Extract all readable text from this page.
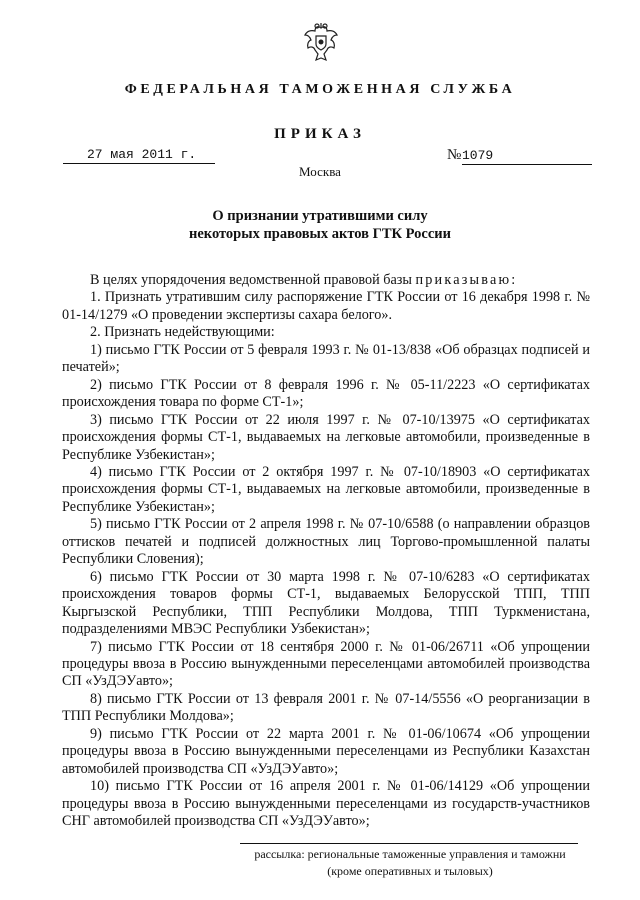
ФЕДЕРАЛЬНАЯ ТАМОЖЕННАЯ СЛУЖБА
ПРИКАЗ
27 мая 2011 г.	№ 1079
Москва
О признании утратившими силу
некоторых правовых актов ГТК России

В целях упорядочения ведомственной правовой базы приказываю:

1. Признать утратившим силу распоряжение ГТК России от 16 декабря 1998 г. № 01-14/1279 «О проведении экспертизы сахара белого».

2. Признать недействующими:

1) письмо ГТК России от 5 февраля 1993 г. № 01-13/838 «Об образцах подписей и печатей»;

2) письмо ГТК России от 8 февраля 1996 г. № 05-11/2223 «О сертификатах происхождения товара по форме СТ-1»;

3) письмо ГТК России от 22 июля 1997 г. № 07-10/13975 «О сертификатах происхождения формы СТ-1, выдаваемых на легковые автомобили, произведенные в Республике Узбекистан»;

4) письмо ГТК России от 2 октября 1997 г. № 07-10/18903 «О сертификатах происхождения формы СТ-1, выдаваемых на легковые автомобили, произведенные в Республике Узбекистан»;

5) письмо ГТК России от 2 апреля 1998 г. № 07-10/6588 (о направлении образцов оттисков печатей и подписей должностных лиц Торгово-промышленной палаты Республики Словения);

6) письмо ГТК России от 30 марта 1998 г. № 07-10/6283 «О сертификатах происхождения товаров формы СТ-1, выдаваемых Белорусской ТПП, ТПП Кыргызской Республики, ТПП Республики Молдова, ТПП Туркменистана, подразделениями МВЭС Республики Узбекистан»;

7) письмо ГТК России от 18 сентября 2000 г. № 01-06/26711 «Об упрощении процедуры ввоза в Россию вынужденными переселенцами автомобилей производства СП «УзДЭУавто»;

8) письмо ГТК России от 13 февраля 2001 г. № 07-14/5556 «О реорганизации в ТПП Республики Молдова»;

9) письмо ГТК России от 22 марта 2001 г. № 01-06/10674 «Об упрощении процедуры ввоза в Россию вынужденными переселенцами из Республики Казахстан автомобилей производства СП «УзДЭУавто»;

10) письмо ГТК России от 16 апреля 2001 г. № 01-06/14129 «Об упрощении процедуры ввоза в Россию вынужденными переселенцами из государств-участников СНГ автомобилей производства СП «УзДЭУавто»;

рассылка: региональные таможенные управления и таможни
(кроме оперативных и тыловых)
